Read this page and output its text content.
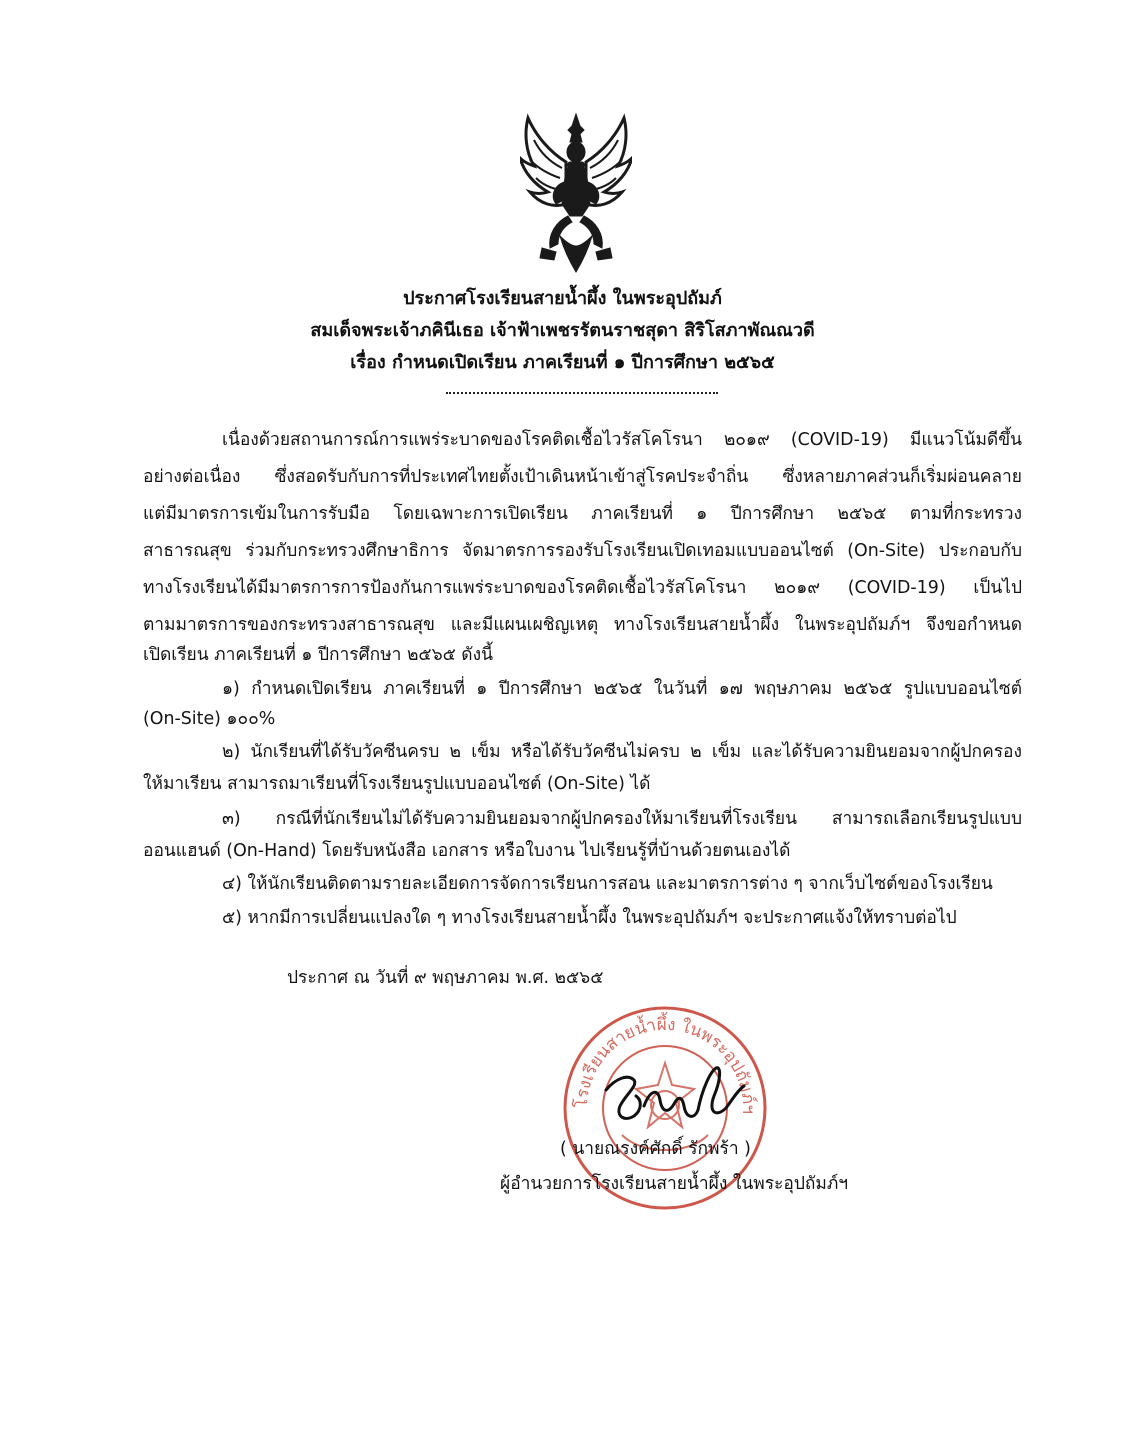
ประกาศโรงเรียนสายน้ำผึ้ง ในพระอุปถัมภ์
สมเด็จพระเจ้าภคินีเธอ เจ้าฟ้าเพชรรัตนราชสุดา สิริโสภาพัณณวดี
เรื่อง กำหนดเปิดเรียน ภาคเรียนที่ ๑ ปีการศึกษา ๒๕๖๕
เนื่องด้วยสถานการณ์การแพร่ระบาดของโรคติดเชื้อไวรัสโคโรนา ๒๐๑๙ (COVID-19) มีแนวโน้มดีขึ้น
อย่างต่อเนื่อง ซึ่งสอดรับกับการที่ประเทศไทยตั้งเป้าเดินหน้าเข้าสู่โรคประจำถิ่น ซึ่งหลายภาคส่วนก็เริ่มผ่อนคลาย
แต่มีมาตรการเข้มในการรับมือ โดยเฉพาะการเปิดเรียน ภาคเรียนที่ ๑ ปีการศึกษา ๒๕๖๕ ตามที่กระทรวง
สาธารณสุข ร่วมกับกระทรวงศึกษาธิการ จัดมาตรการรองรับโรงเรียนเปิดเทอมแบบออนไซต์ (On-Site) ประกอบกับ
ทางโรงเรียนได้มีมาตรการการป้องกันการแพร่ระบาดของโรคติดเชื้อไวรัสโคโรนา ๒๐๑๙ (COVID-19) เป็นไป
ตามมาตรการของกระทรวงสาธารณสุข และมีแผนเผชิญเหตุ ทางโรงเรียนสายน้ำผึ้ง ในพระอุปถัมภ์ฯ จึงขอกำหนด
เปิดเรียน ภาคเรียนที่ ๑ ปีการศึกษา ๒๕๖๕ ดังนี้
๑) กำหนดเปิดเรียน ภาคเรียนที่ ๑ ปีการศึกษา ๒๕๖๕ ในวันที่ ๑๗ พฤษภาคม ๒๕๖๕ รูปแบบออนไซต์
(On-Site) ๑๐๐%
๒) นักเรียนที่ได้รับวัคซีนครบ ๒ เข็ม หรือได้รับวัคซีนไม่ครบ ๒ เข็ม และได้รับความยินยอมจากผู้ปกครอง
ให้มาเรียน สามารถมาเรียนที่โรงเรียนรูปแบบออนไซต์ (On-Site) ได้
๓) กรณีที่นักเรียนไม่ได้รับความยินยอมจากผู้ปกครองให้มาเรียนที่โรงเรียน สามารถเลือกเรียนรูปแบบ
ออนแฮนด์ (On-Hand) โดยรับหนังสือ เอกสาร หรือใบงาน ไปเรียนรู้ที่บ้านด้วยตนเองได้
๔) ให้นักเรียนติดตามรายละเอียดการจัดการเรียนการสอน และมาตรการต่าง ๆ จากเว็บไซต์ของโรงเรียน
๕) หากมีการเปลี่ยนแปลงใด ๆ ทางโรงเรียนสายน้ำผึ้ง ในพระอุปถัมภ์ฯ จะประกาศแจ้งให้ทราบต่อไป
ประกาศ ณ วันที่ ๙ พฤษภาคม พ.ศ. ๒๕๖๕
โรงเรียนสายน้ำผึ้ง ในพระอุปถัมภ์ฯ
( นายณรงค์ศักดิ์ รักพร้า )
ผู้อำนวยการโรงเรียนสายน้ำผึ้ง ในพระอุปถัมภ์ฯ
